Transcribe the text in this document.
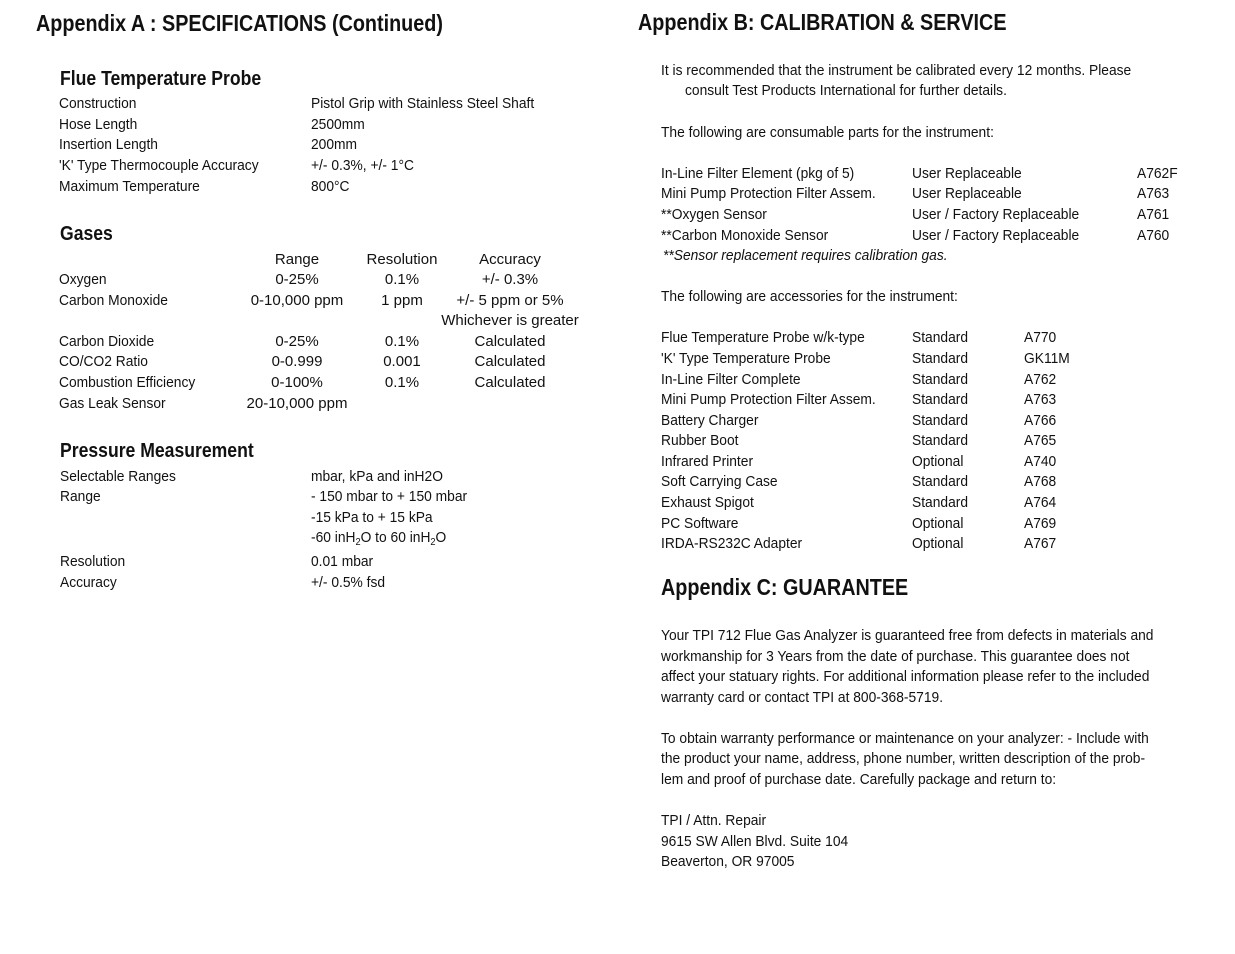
Appendix A : SPECIFICATIONS (Continued)
Flue Temperature Probe
Construction	Pistol Grip with Stainless Steel Shaft
Hose Length	2500mm
Insertion Length	200mm
'K' Type Thermocouple Accuracy	+/- 0.3%, +/- 1°C
Maximum Temperature	800°C
Gases
Range	Resolution	Accuracy
Oxygen	0-25%	0.1%	+/- 0.3%
Carbon Monoxide	0-10,000 ppm	1 ppm	+/- 5 ppm or 5%
Whichever is greater
Carbon Dioxide	0-25%	0.1%	Calculated
CO/CO2 Ratio	0-0.999	0.001	Calculated
Combustion Efficiency	0-100%	0.1%	Calculated
Gas Leak Sensor	20-10,000 ppm
Pressure Measurement
Selectable Ranges	mbar, kPa and inH2O
Range	- 150 mbar to + 150 mbar
-15 kPa to + 15 kPa
-60 inH$_2$O to 60 inH$_2$O
Resolution	0.01 mbar
Accuracy	+/- 0.5% fsd
Appendix B: CALIBRATION & SERVICE
It is recommended that the instrument be calibrated every 12 months. Please
consult Test Products International for further details.
The following are consumable parts for the instrument:
In-Line Filter Element (pkg of 5)	User Replaceable	A762F
Mini Pump Protection Filter Assem. User Replaceable	A763
**Oxygen Sensor	User / Factory Replaceable	A761
**Carbon Monoxide Sensor	User / Factory Replaceable	A760
**Sensor replacement requires calibration gas.
The following are accessories for the instrument:
Flue Temperature Probe w/k-type	Standard	A770
'K' Type Temperature Probe	Standard	GK11M
In-Line Filter Complete	Standard	A762
Mini Pump Protection Filter Assem. Standard	A763
Battery Charger	Standard	A766
Rubber Boot	Standard	A765
Infrared Printer	Optional	A740
Soft Carrying Case	Standard	A768
Exhaust Spigot	Standard	A764
PC Software	Optional	A769
IRDA-RS232C Adapter	Optional	A767
Appendix C: GUARANTEE
Your TPI 712 Flue Gas Analyzer is guaranteed free from defects in materials and
workmanship for 3 Years from the date of purchase. This guarantee does not
affect your statuary rights. For additional information please refer to the included
warranty card or contact TPI at 800-368-5719.
To obtain warranty performance or maintenance on your analyzer: - Include with
the product your name, address, phone number, written description of the prob-
lem and proof of purchase date. Carefully package and return to:
TPI / Attn. Repair
9615 SW Allen Blvd. Suite 104
Beaverton, OR 97005
